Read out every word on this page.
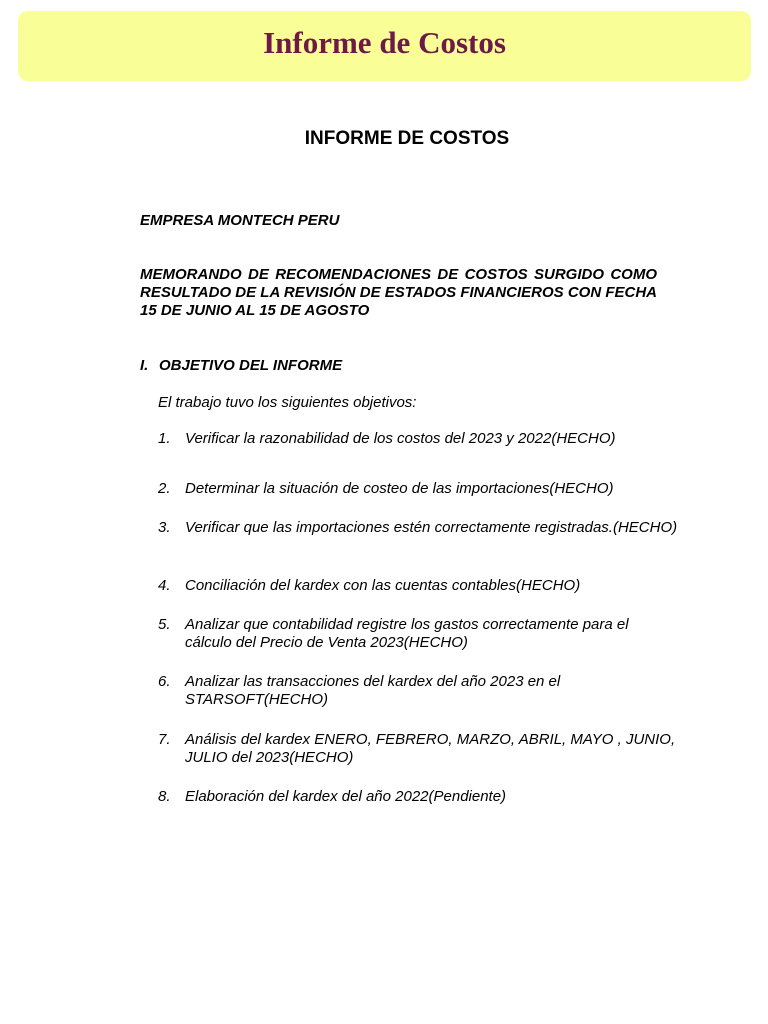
Informe de Costos
INFORME DE COSTOS

EMPRESA MONTECH PERU

MEMORANDO DE RECOMENDACIONES DE COSTOS SURGIDO COMO RESULTADO DE LA REVISIÓN DE ESTADOS FINANCIEROS CON FECHA 15 DE JUNIO AL 15 DE AGOSTO

I. OBJETIVO DEL INFORME

El trabajo tuvo los siguientes objetivos:

1. Verificar la razonabilidad de los costos del 2023 y 2022(HECHO)
2. Determinar la situación de costeo de las importaciones(HECHO)
3. Verificar que las importaciones estén correctamente registradas.(HECHO)
4. Conciliación del kardex con las cuentas contables(HECHO)
5. Analizar que contabilidad registre los gastos correctamente para el cálculo del Precio de Venta 2023(HECHO)
6. Analizar las transacciones del kardex del año 2023 en el STARSOFT(HECHO)
7. Análisis del kardex ENERO, FEBRERO, MARZO, ABRIL, MAYO , JUNIO, JULIO del 2023(HECHO)
8. Elaboración del kardex del año 2022(Pendiente)
